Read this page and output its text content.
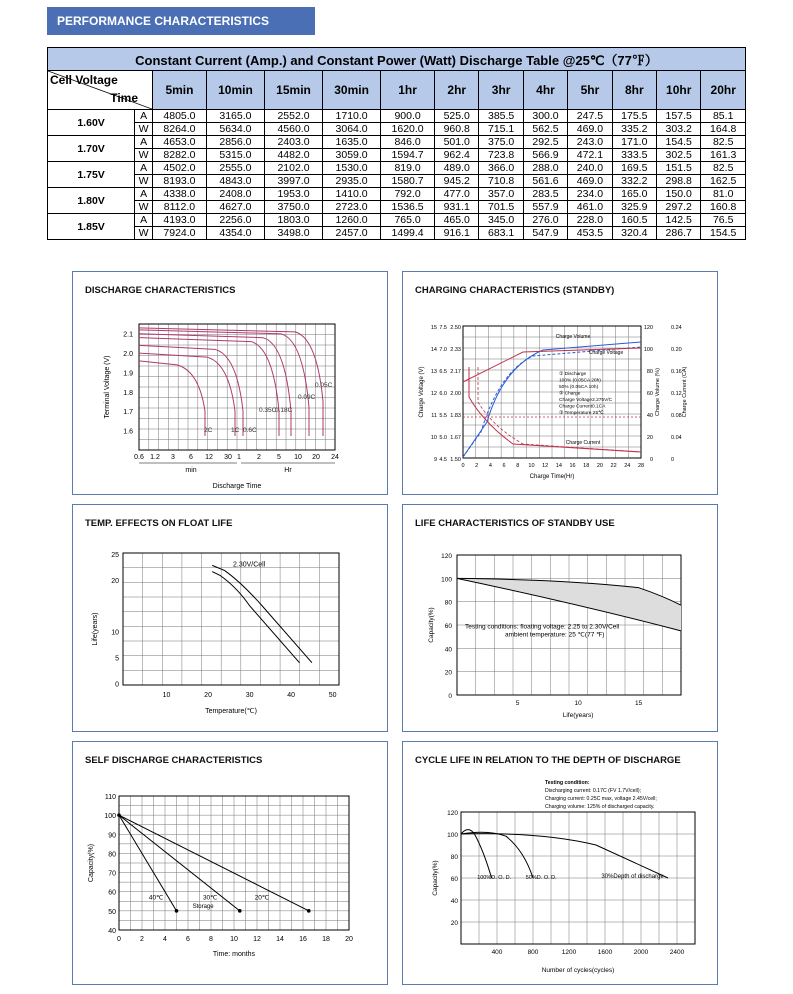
PERFORMANCE CHARACTERISTICS
Constant Current (Amp.) and Constant Power (Watt) Discharge Table @25℃（77℉）													

Cell Voltage
Time		5min	10min	15min	30min	1hr	2hr	3hr	4hr	5hr	8hr	10hr	20hr
1.60V	A	4805.0	3165.0	2552.0	1710.0	900.0	525.0	385.5	300.0	247.5	175.5	157.5	85.1
	W	8264.0	5634.0	4560.0	3064.0	1620.0	960.8	715.1	562.5	469.0	335.2	303.2	164.8
1.70V	A	4653.0	2856.0	2403.0	1635.0	846.0	501.0	375.0	292.5	243.0	171.0	154.5	82.5
	W	8282.0	5315.0	4482.0	3059.0	1594.7	962.4	723.8	566.9	472.1	333.5	302.5	161.3
1.75V	A	4502.0	2555.0	2102.0	1530.0	819.0	489.0	366.0	288.0	240.0	169.5	151.5	82.5
	W	8193.0	4843.0	3997.0	2935.0	1580.7	945.2	710.8	561.6	469.0	332.2	298.8	162.5
1.80V	A	4338.0	2408.0	1953.0	1410.0	792.0	477.0	357.0	283.5	234.0	165.0	150.0	81.0
	W	8112.0	4627.0	3750.0	2723.0	1536.5	931.1	701.5	557.9	461.0	325.9	297.2	160.8
1.85V	A	4193.0	2256.0	1803.0	1260.0	765.0	465.0	345.0	276.0	228.0	160.5	142.5	76.5
	W	7924.0	4354.0	3498.0	2457.0	1499.4	916.1	683.1	547.9	453.5	320.4	286.7	154.5
DISCHARGE CHARACTERISTICS
2.1
2.0
1.9
1.8
1.7
1.6
0.6 1.2 3 6 12 30 1 2 5 10 20 24
min	Hr
Discharge Time
Terminal Voltage (V)	0.05C
0.09C
0.35C
0.18C
2C	1C 0.6C
CHARGING CHARACTERISTICS (STANDBY)
15
14
13
12
11
10
9
7.5
7.0
6.5
6.0
5.5
5.0
4.5
2.50
2.33
2.17
2.00
1.83
1.67
1.50
120
100
80
60
40
20
0
0.24
0.20
0.16
0.12
0.08
0.04
0
0 2 4 6 8 10 12 14 16 18 20 22 24 28
Charge Time(Hr)
Charge Voltage (V)	Charge Volume (%)	Charge Current (CA)
Charge Volume
Charge Voltage
Charge Current
① Discharge
100% (0.05CA 20h)
50% (0.05CA 10h)
② Charge
Charge Voltage2.275V/C
Charge Current0.1CA
③ Temperature 25℃
TEMP. EFFECTS ON FLOAT LIFE
25
20
10
5
0
10	20	30	40	50
Temperature(℃)
Life(years)
2.30V/Cell
LIFE CHARACTERISTICS OF STANDBY USE
120
100
80
60
40
20
0
5	10	15
Life(years)
Capacity(%)	Testing conditions: floating voltage: 2.25 to 2.30V/Cell
ambient temperature: 25 ℃(77 ℉)
SELF DISCHARGE CHARACTERISTICS
110
100
90
80
70
60
50
40
0	2	4	6	8 10 12 14 16 18 20
Time: months
Capacity(%)
40℃	30℃	20℃
Storage
CYCLE LIFE IN RELATION TO THE DEPTH OF DISCHARGE
Testing condition:
Discharging current: 0.17C (FV 1.7V/cell);
Charging current: 0.25C max, voltage 2.45V/cell;
Charging volume: 125% of discharged capacity.
120
100
80
60
40
20
400	800	1200	1600	2000	2400
Number of cycles(cycles)
Capacity(%)	100%D. O. D.	50%D. O. D.	30%Depth of discharge
